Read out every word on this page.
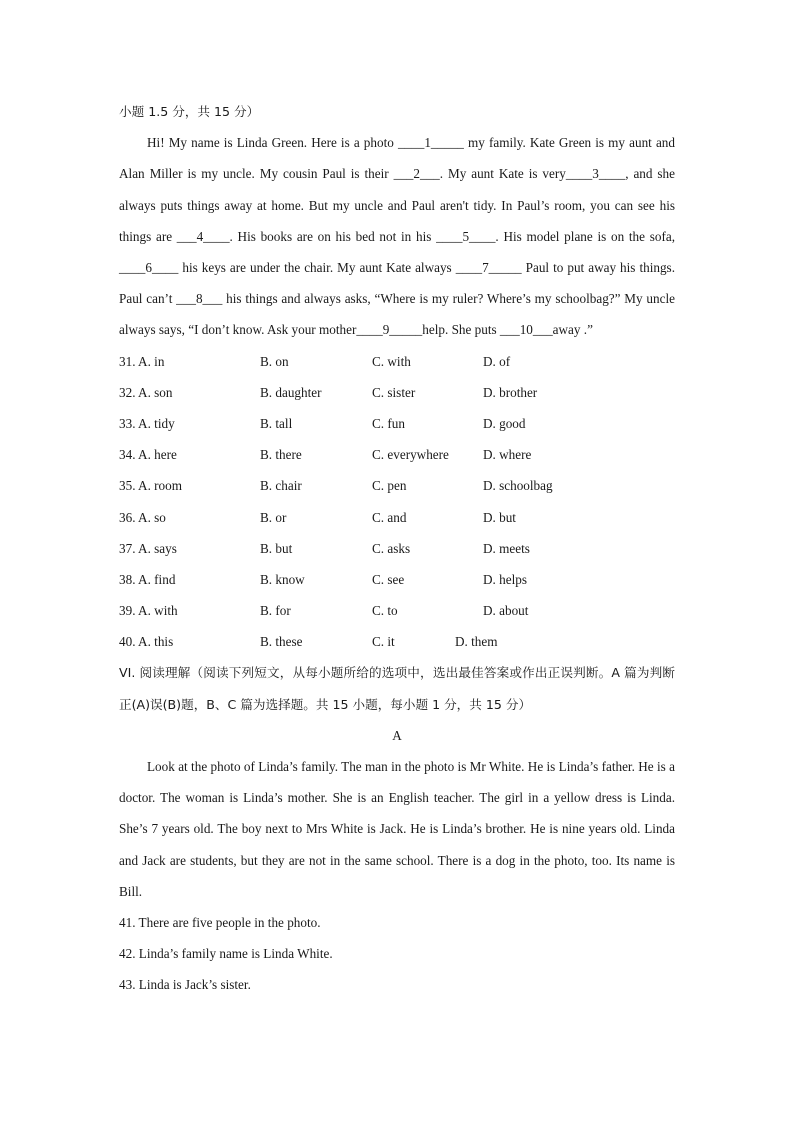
小题 1.5 分，共 15 分）
Hi! My name is Linda Green. Here is a photo ____1_____ my family. Kate Green is my aunt and Alan Miller is my uncle. My cousin Paul is their ___2___. My aunt Kate is very____3____, and she always puts things away at home. But my uncle and Paul aren't tidy. In Paul’s room, you can see his things are ___4____. His books are on his bed not in his ____5____. His model plane is on the sofa, ____6____ his keys are under the chair. My aunt Kate always ____7_____ Paul to put away his things. Paul can’t ___8___ his things and always asks, “Where is my ruler? Where’s my schoolbag?” My uncle always says, “I don’t know. Ask your mother____9_____help. She puts ___10___away .”
31. A. in	B. on	C. with	D. of
32. A. son	B. daughter	C. sister	D. brother
33. A. tidy	B. tall	C. fun	D. good
34. A. here	B. there	C. everywhere	D. where
35. A. room	B. chair	C. pen	D. schoolbag
36. A. so	B. or	C. and	D. but
37. A. says	B. but	C. asks	D. meets
38. A. find	B. know	C. see	D. helps
39. A. with	B. for	C. to	D. about
40. A. this	B. these	C. it	D. them
VI. 阅读理解（阅读下列短文，从每小题所给的选项中，选出最佳答案或作出正误判断。A 篇为判断正(A)误(B)题，B、C 篇为选择题。共 15 小题，每小题 1 分，共 15 分）
A
Look at the photo of Linda’s family. The man in the photo is Mr White. He is Linda’s father. He is a doctor. The woman is Linda’s mother. She is an English teacher. The girl in a yellow dress is Linda. She’s 7 years old. The boy next to Mrs White is Jack. He is Linda’s brother. He is nine years old. Linda and Jack are students, but they are not in the same school. There is a dog in the photo, too. Its name is Bill.
41. There are five people in the photo.
42. Linda’s family name is Linda White.
43. Linda is Jack’s sister.
